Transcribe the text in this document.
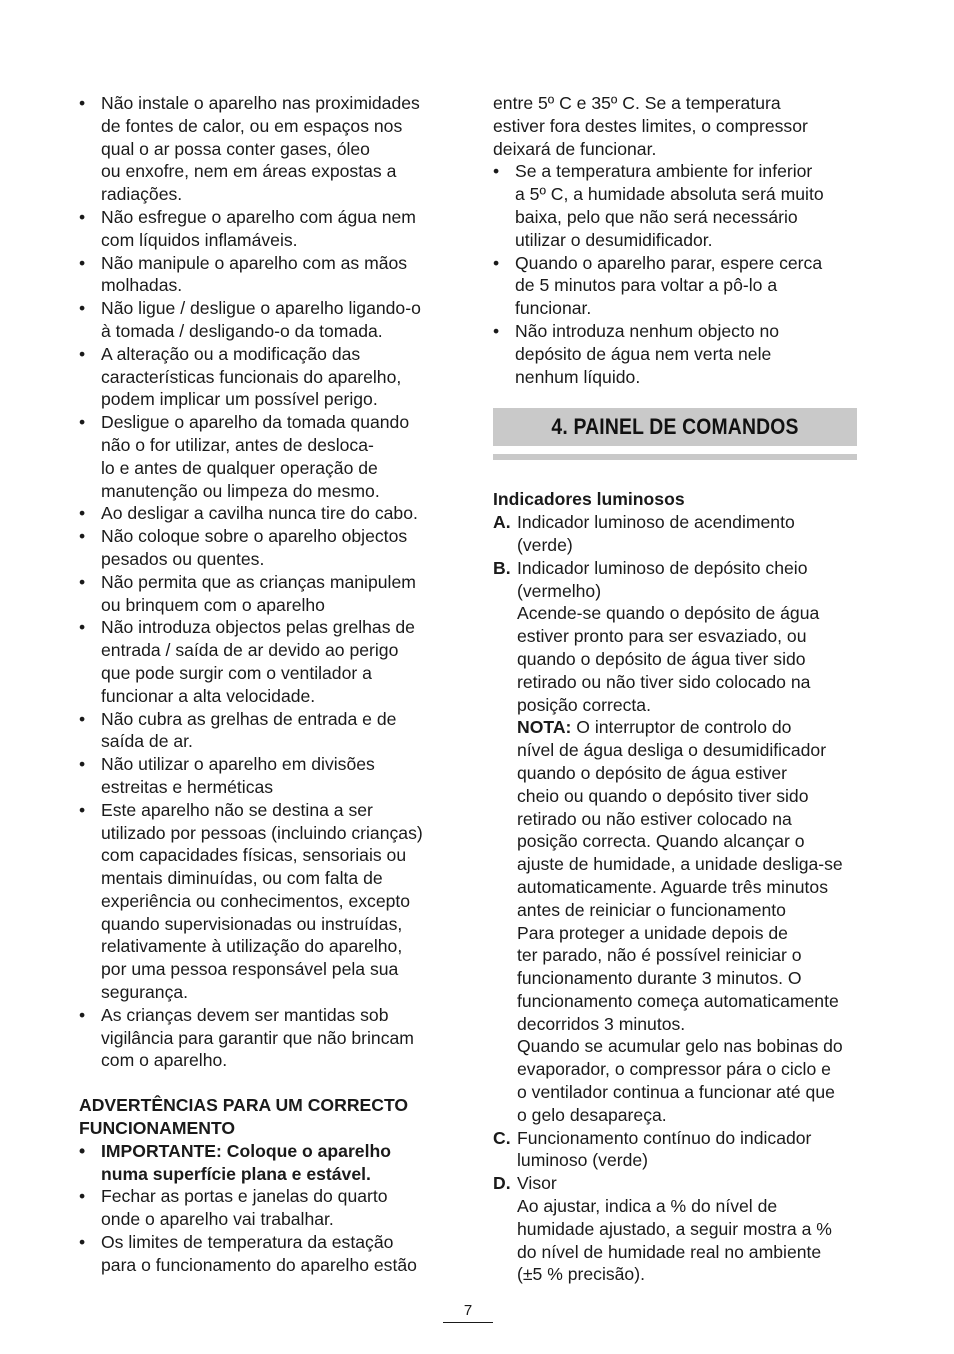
• Não instale o aparelho nas proximidades
de fontes de calor, ou em espaços nos
qual o ar possa conter gases, óleo
ou enxofre, nem em áreas expostas a
radiações.
• Não esfregue o aparelho com água nem
com líquidos inflamáveis.
• Não manipule o aparelho com as mãos
molhadas.
• Não ligue / desligue o aparelho ligando-o
à tomada / desligando-o da tomada.
• A alteração ou a modificação das
características funcionais do aparelho,
podem implicar um possível perigo.
• Desligue o aparelho da tomada quando
não o for utilizar, antes de desloca-
lo e antes de qualquer operação de
manutenção ou limpeza do mesmo.
• Ao desligar a cavilha nunca tire do cabo.
• Não coloque sobre o aparelho objectos
pesados ou quentes.
• Não permita que as crianças manipulem
ou brinquem com o aparelho
• Não introduza objectos pelas grelhas de
entrada / saída de ar devido ao perigo
que pode surgir com o ventilador a
funcionar a alta velocidade.
• Não cubra as grelhas de entrada e de
saída de ar.
• Não utilizar o aparelho em divisões
estreitas e herméticas
• Este aparelho não se destina a ser
utilizado por pessoas (incluindo crianças)
com capacidades físicas, sensoriais ou
mentais diminuídas, ou com falta de
experiência ou conhecimentos, excepto
quando supervisionadas ou instruídas,
relativamente à utilização do aparelho,
por uma pessoa responsável pela sua
segurança.
• As crianças devem ser mantidas sob
vigilância para garantir que não brincam
com o aparelho.
ADVERTÊNCIAS PARA UM CORRECTO
FUNCIONAMENTO
• IMPORTANTE: Coloque o aparelho
numa superfície plana e estável.
• Fechar as portas e janelas do quarto
onde o aparelho vai trabalhar.
• Os limites de temperatura da estação
para o funcionamento do aparelho estão
entre 5º C e 35º C. Se a temperatura
estiver fora destes limites, o compressor
deixará de funcionar.
• Se a temperatura ambiente for inferior
a 5º C, a humidade absoluta será muito
baixa, pelo que não será necessário
utilizar o desumidificador.
• Quando o aparelho parar, espere cerca
de 5 minutos para voltar a pô-lo a
funcionar.
• Não introduza nenhum objecto no
depósito de água nem verta nele
nenhum líquido.
4. PAINEL DE COMANDOS
Indicadores luminosos
A. Indicador luminoso de acendimento
(verde)
B. Indicador luminoso de depósito cheio
(vermelho)
Acende-se quando o depósito de água
estiver pronto para ser esvaziado, ou
quando o depósito de água tiver sido
retirado ou não tiver sido colocado na
posição correcta.
NOTA: O interruptor de controlo do
nível de água desliga o desumidificador
quando o depósito de água estiver
cheio ou quando o depósito tiver sido
retirado ou não estiver colocado na
posição correcta. Quando alcançar o
ajuste de humidade, a unidade desliga-se
automaticamente. Aguarde três minutos
antes de reiniciar o funcionamento
Para proteger a unidade depois de
ter parado, não é possível reiniciar o
funcionamento durante 3 minutos. O
funcionamento começa automaticamente
decorridos 3 minutos.
Quando se acumular gelo nas bobinas do
evaporador, o compressor pára o ciclo e
o ventilador continua a funcionar até que
o gelo desapareça.
C. Funcionamento contínuo do indicador
luminoso (verde)
D. Visor
Ao ajustar, indica a % do nível de
humidade ajustado, a seguir mostra a %
do nível de humidade real no ambiente
(±5 % precisão).
7
